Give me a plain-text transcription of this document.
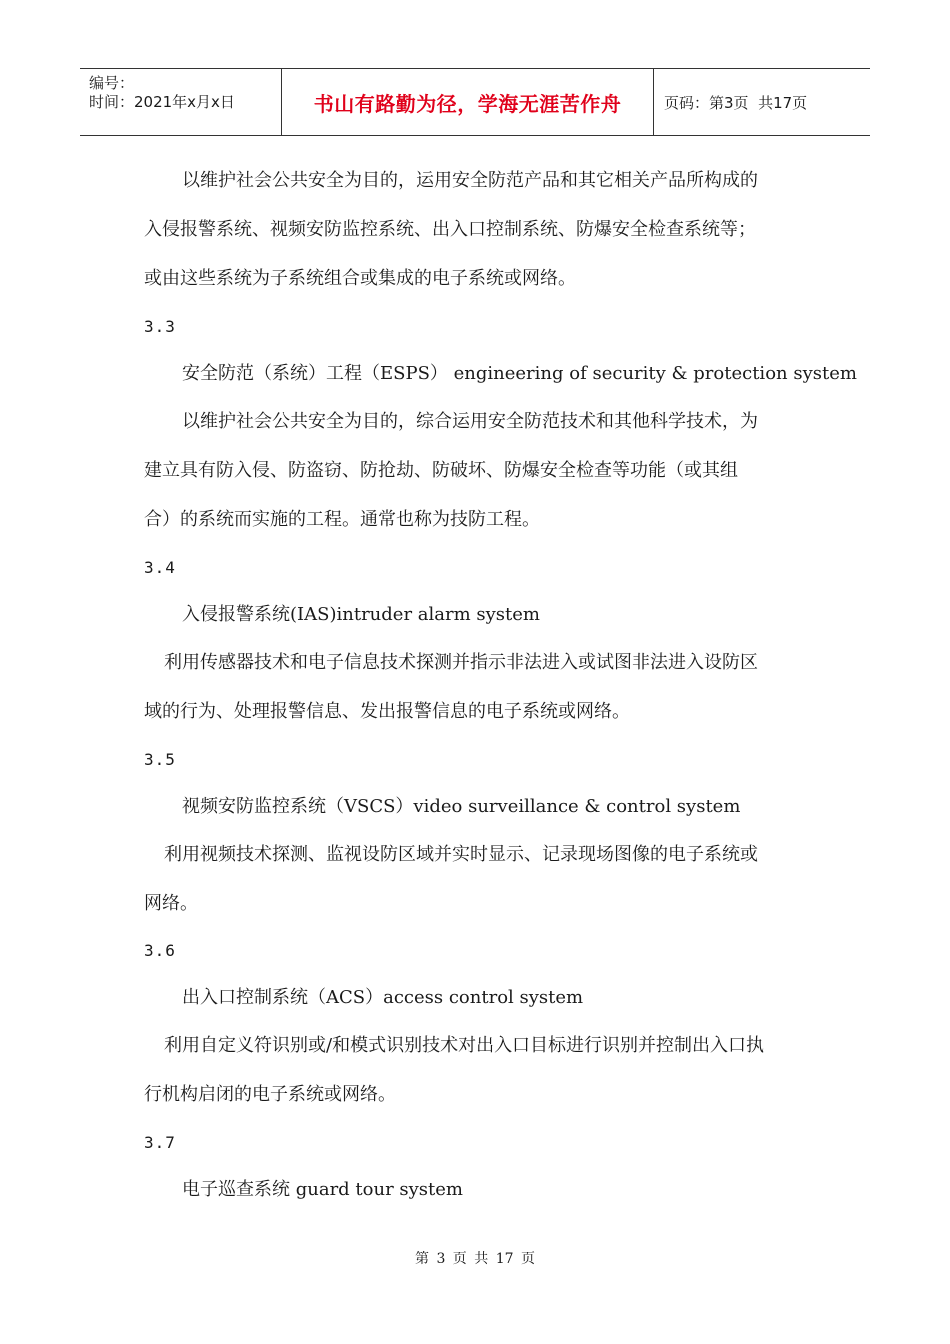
编号：
时间：2021年x月x日	书山有路勤为径，学海无涯苦作舟	页码：第3页  共17页
以维护社会公共安全为目的，运用安全防范产品和其它相关产品所构成的
入侵报警系统、视频安防监控系统、出入口控制系统、防爆安全检查系统等；
或由这些系统为子系统组合或集成的电子系统或网络。
3.3
安全防范（系统）工程（ESPS） engineering of security & protection system
以维护社会公共安全为目的，综合运用安全防范技术和其他科学技术，为
建立具有防入侵、防盗窃、防抢劫、防破坏、防爆安全检查等功能（或其组
合）的系统而实施的工程。通常也称为技防工程。
3.4
入侵报警系统(IAS)intruder alarm system
利用传感器技术和电子信息技术探测并指示非法进入或试图非法进入设防区
域的行为、处理报警信息、发出报警信息的电子系统或网络。
3.5
视频安防监控系统（VSCS）video surveillance & control system
利用视频技术探测、监视设防区域并实时显示、记录现场图像的电子系统或
网络。
3.6
出入口控制系统（ACS）access control system
利用自定义符识别或/和模式识别技术对出入口目标进行识别并控制出入口执
行机构启闭的电子系统或网络。
3.7
电子巡查系统 guard tour system
第 3 页 共 17 页
